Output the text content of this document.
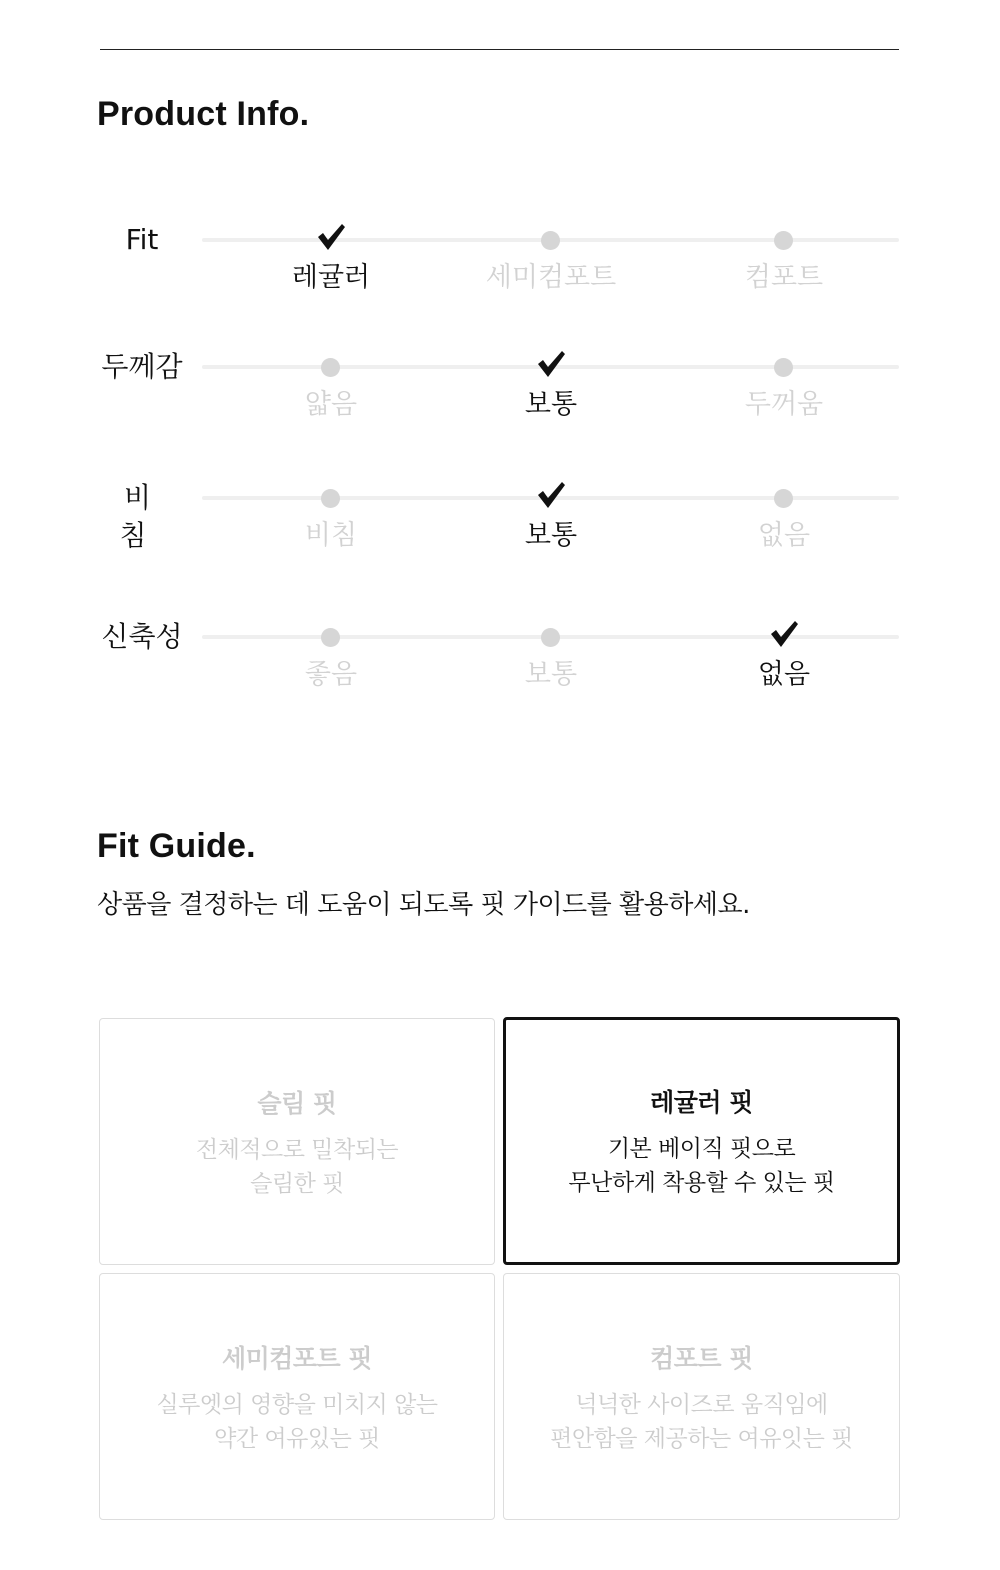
Product Info.
Fit
레귤러	세미컴포트	컴포트
두께감
얇음	보통	두꺼움
비 침	비침	보통	없음
신축성
좋음	보통	없음
Fit Guide.

상품을 결정하는 데 도움이 되도록 핏 가이드를 활용하세요.

슬림 핏
전체적으로 밀착되는
슬림한 핏
레귤러 핏
기본 베이직 핏으로
무난하게 착용할 수 있는 핏
세미컴포트 핏
실루엣의 영향을 미치지 않는
약간 여유있는 핏
컴포트 핏
넉넉한 사이즈로 움직임에
편안함을 제공하는 여유잇는 핏
